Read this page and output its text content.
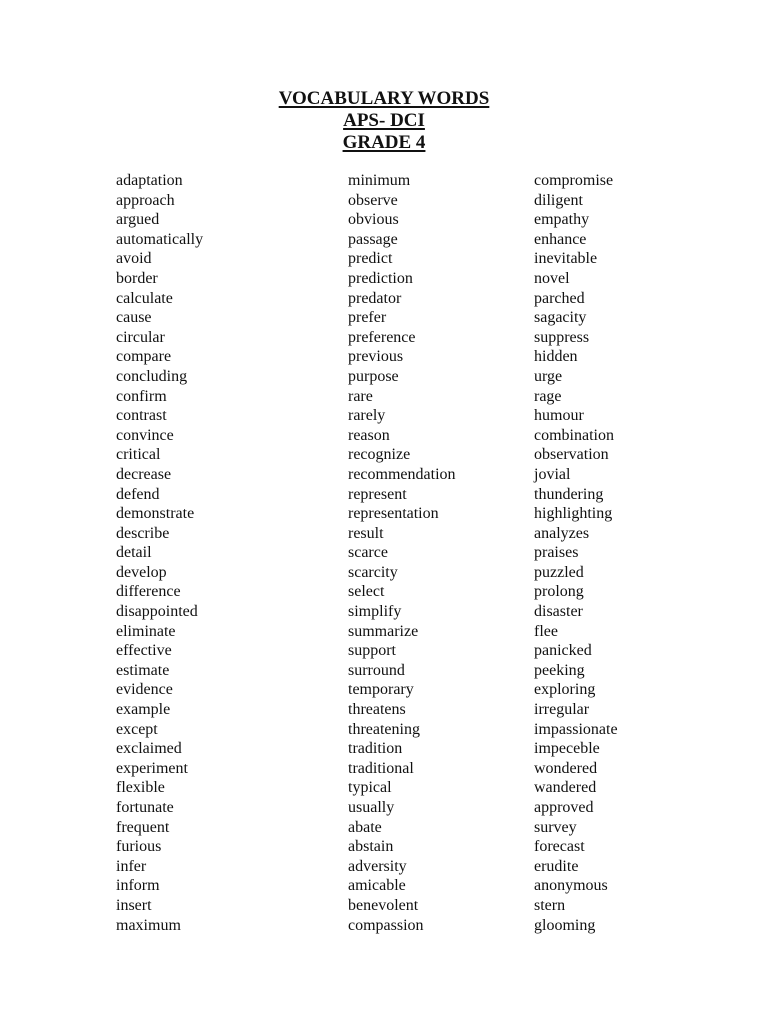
VOCABULARY WORDS
APS- DCI
GRADE 4
adaptation
approach
argued
automatically
avoid
border
calculate
cause
circular
compare
concluding
confirm
contrast
convince
critical
decrease
defend
demonstrate
describe
detail
develop
difference
disappointed
eliminate
effective
estimate
evidence
example
except
exclaimed
experiment
flexible
fortunate
frequent
furious
infer
inform
insert
maximum
minimum
observe
obvious
passage
predict
prediction
predator
prefer
preference
previous
purpose
rare
rarely
reason
recognize
recommendation
represent
representation
result
scarce
scarcity
select
simplify
summarize
support
surround
temporary
threatens
threatening
tradition
traditional
typical
usually
abate
abstain
adversity
amicable
benevolent
compassion
compromise
diligent
empathy
enhance
inevitable
novel
parched
sagacity
suppress
hidden
urge
rage
humour
combination
observation
jovial
thundering
highlighting
analyzes
praises
puzzled
prolong
disaster
flee
panicked
peeking
exploring
irregular
impassionate
impeceble
wondered
wandered
approved
survey
forecast
erudite
anonymous
stern
glooming
